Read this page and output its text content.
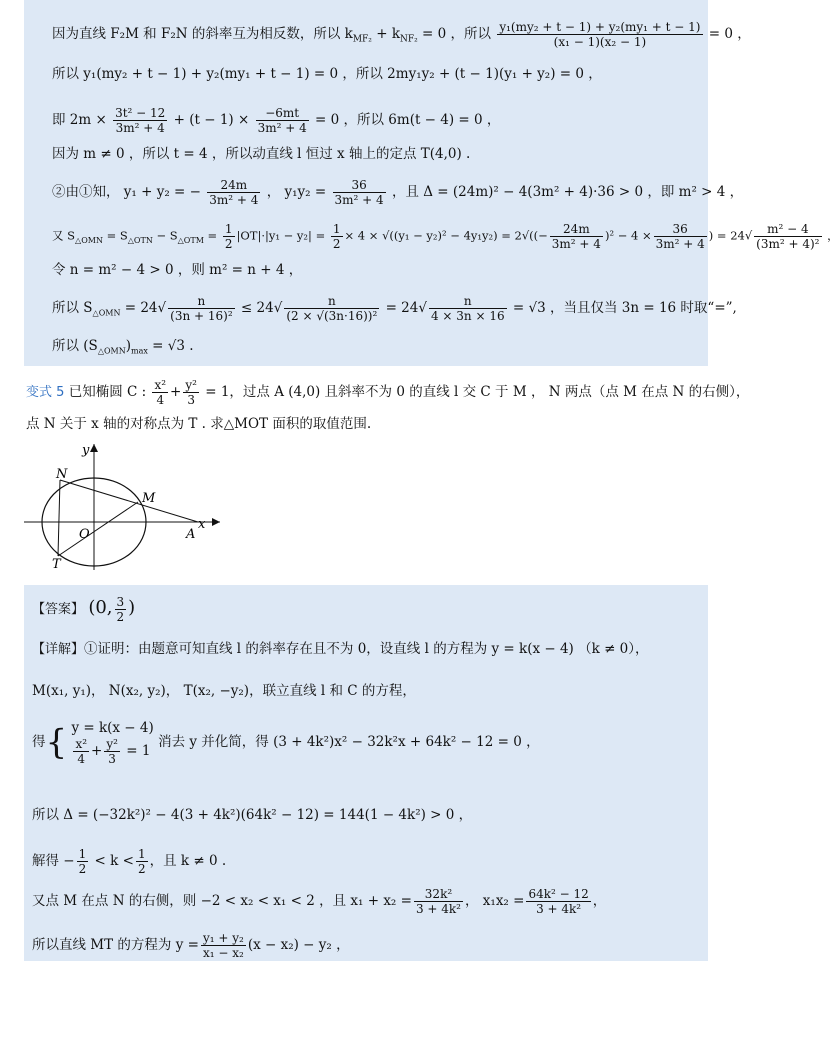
因为直线 F₂M 和 F₂N 的斜率互为相反数，所以 $k_{MF_2} + k_{NF_2} = 0$ ，所以 $\frac{\text{y₁(my₂ + t − 1) + y₂(my₁ + t − 1)}}{\text{(x₁ − 1)(x₂ − 1)}} = 0$ ，
所以 y₁(my₂ + t − 1) + y₂(my₁ + t − 1) = 0 ，所以 2my₁y₂ + (t − 1)(y₁ + y₂) = 0 ，
即 $2m \times \frac{\text{3t² − 12}}{\text{3m² + 4}} + (t - 1) \times \frac{-6mt}{\text{3m² + 4}} = 0$ ，所以 6m(t − 4) = 0 ，
因为 m ≠ 0 ，所以 t = 4 ，所以动直线 l 恒过 x 轴上的定点 T(4,0) .
②由①知， y₁ + y₂ = − $\frac{24m}{\text{3m² + 4}}$ ， $y_1y_2 = \frac{36}{\text{3m² + 4}}$ ，且 Δ = (24m)² − 4(3m² + 4)·36 > 0 ，即 m² > 4 ，
又 $S_{\triangle OMN} = S_{\triangle OTN} - S_{\triangle OTM} = \frac{1}{2} |OT|\cdot|y_1 - y_2| = \frac{1}{2} \times 4 \times √((y_1 - y_2)^2 - 4y_1y_2) = 2√((- \frac{24m}{\text{3m² + 4}} )^2 - 4 \times \frac{36}{\text{3m² + 4}}$ ) = $24√ \frac{\text{m² − 4}}{\text{(3m² + 4)²}}$ ，
令 n = m² − 4 > 0 ，则 m² = n + 4 ，
所以 $S_{\triangle OMN} = 24√ \frac{n}{\text{(3n + 16)²}} \le 24√ \frac{n}{\text{(2 × √(3n·16))²}} = 24√ \frac{n}{4 \times 3n \times 16} = √3$ ，当且仅当 3n = 16 时取“=”,
所以 $(S_{\triangle OMN})_{max} = √3$ .
变式 5 已知椭圆 C : $\frac{\text{x²}}{4} + \frac{\text{y²}}{3} = 1$，过点 A (4,0) 且斜率不为 0 的直线 l 交 C 于 M ， N 两点（点 M 在点 N 的右侧），
点 N 关于 x 轴的对称点为 T . 求△MOT 面积的取值范围.
y
N
M
O	A
x
T
【答案】 (0, $\frac{3}{2}$ )
【详解】①证明：由题意可知直线 l 的斜率存在且不为 0，设直线 l 的方程为 y = k(x − 4) （k ≠ 0），
M(x₁, y₁)， N(x₂, y₂)， T(x₂, −y₂)，联立直线 l 和 C 的方程，
得{ y = k(x − 4)
$\frac{\text{x²}}{4} + \frac{\text{y²}}{3} = 1$
消去 y 并化简，得 (3 + 4k²)x² − 32k²x + 64k² − 12 = 0 ，
所以 Δ = (−32k²)² − 4(3 + 4k²)(64k² − 12) = 144(1 − 4k²) > 0 ，
解得 − $\frac{1}{2} < k < \frac{1}{2}$ ，且 k ≠ 0 .
又点 M 在点 N 的右侧，则 −2 < x₂ < x₁ < 2 ，且 $x_1 + x_2 = \frac{\text{32k²}}{\text{3 + 4k²}}$ ， $x_1x_2 = \frac{\text{64k² − 12}}{\text{3 + 4k²}}$ ，
所以直线 MT 的方程为 $y = \frac{\text{y₁ + y₂}}{\text{x₁ − x₂}} (x - x_2) - y_2$ ，
